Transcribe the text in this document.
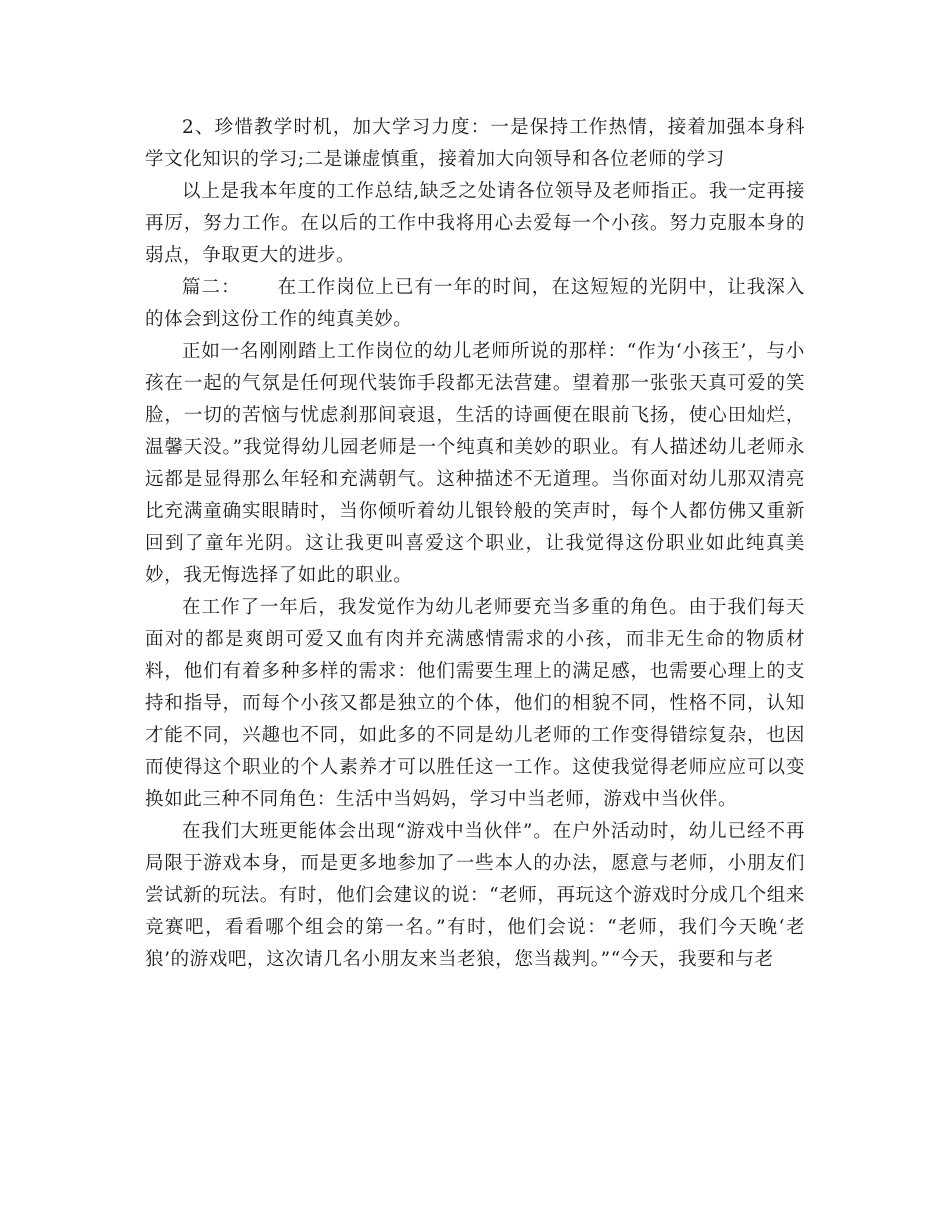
2、珍惜教学时机，加大学习力度：一是保持工作热情，接着加强本身科学文化知识的学习;二是谦虚慎重，接着加大向领导和各位老师的学习

以上是我本年度的工作总结,缺乏之处请各位领导及老师指正。我一定再接再厉，努力工作。在以后的工作中我将用心去爱每一个小孩。努力克服本身的弱点，争取更大的进步。

篇二： 在工作岗位上已有一年的时间，在这短短的光阴中，让我深入的体会到这份工作的纯真美妙。

正如一名刚刚踏上工作岗位的幼儿老师所说的那样：“作为‘小孩王’，与小孩在一起的气氛是任何现代装饰手段都无法营建。望着那一张张天真可爱的笑脸，一切的苦恼与忧虑刹那间衰退，生活的诗画便在眼前飞扬，使心田灿烂，温馨天没。”我觉得幼儿园老师是一个纯真和美妙的职业。有人描述幼儿老师永远都是显得那么年轻和充满朝气。这种描述不无道理。当你面对幼儿那双清亮比充满童确实眼睛时，当你倾听着幼儿银铃般的笑声时，每个人都仿佛又重新回到了童年光阴。这让我更叫喜爱这个职业，让我觉得这份职业如此纯真美妙，我无悔选择了如此的职业。

在工作了一年后，我发觉作为幼儿老师要充当多重的角色。由于我们每天面对的都是爽朗可爱又血有肉并充满感情需求的小孩，而非无生命的物质材料，他们有着多种多样的需求：他们需要生理上的满足感，也需要心理上的支持和指导，而每个小孩又都是独立的个体，他们的相貌不同，性格不同，认知才能不同，兴趣也不同，如此多的不同是幼儿老师的工作变得错综复杂，也因而使得这个职业的个人素养才可以胜任这一工作。这使我觉得老师应应可以变换如此三种不同角色：生活中当妈妈，学习中当老师，游戏中当伙伴。

在我们大班更能体会出现“游戏中当伙伴”。在户外活动时，幼儿已经不再局限于游戏本身，而是更多地参加了一些本人的办法，愿意与老师，小朋友们尝试新的玩法。有时，他们会建议的说：“老师，再玩这个游戏时分成几个组来竞赛吧，看看哪个组会的第一名。”有时，他们会说：“老师，我们今天晚‘老狼’的游戏吧，这次请几名小朋友来当老狼，您当裁判。”“今天，我要和与老
